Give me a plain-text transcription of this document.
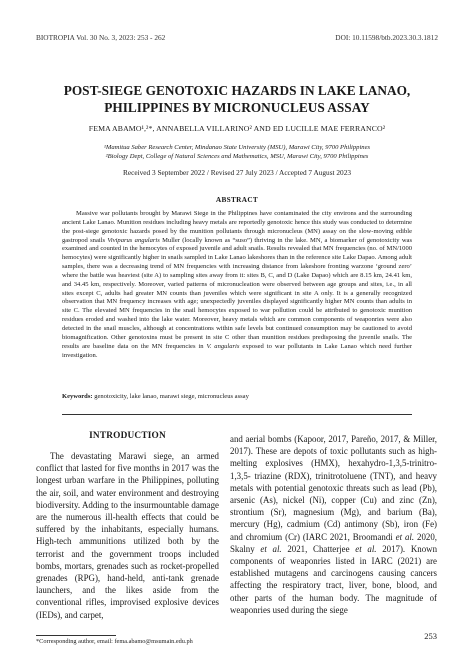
BIOTROPIA Vol. 30 No. 3, 2023: 253 - 262	DOI: 10.11598/btb.2023.30.3.1812
POST-SIEGE GENOTOXIC HAZARDS IN LAKE LANAO,
PHILIPPINES BY MICRONUCLEUS ASSAY
FEMA ABAMO¹,²*, ANNABELLA VILLARINO² AND ED LUCILLE MAE FERRANCO²
¹Mamitua Saber Research Center, Mindanao State University (MSU), Marawi City, 9700 Philippines
²Biology Dept, College of Natural Sciences and Mathematics, MSU, Marawi City, 9700 Philippines
Received 3 September 2022 / Revised 27 July 2023 / Accepted 7 August 2023
ABSTRACT

Massive war pollutants brought by Marawi Siege in the Philippines have contaminated the city environs and the surrounding ancient Lake Lanao. Munition residues including heavy metals are reportedly genotoxic hence this study was conducted to determine the post-siege genotoxic hazards posed by the munition pollutants through micronucleus (MN) assay on the slow-moving edible gastropod snails Viviparus angularis Muller (locally known as “suso”) thriving in the lake. MN, a biomarker of genotoxicity was examined and counted in the hemocytes of exposed juvenile and adult snails. Results revealed that MN frequencies (no. of MN/1000 hemocytes) were significantly higher in snails sampled in Lake Lanao lakeshores than in the reference site Lake Dapao. Among adult samples, there was a decreasing trend of MN frequencies with increasing distance from lakeshore fronting warzone ‘ground zero’ where the battle was heaviest (site A) to sampling sites away from it: sites B, C, and D (Lake Dapao) which are 8.15 km, 24.41 km, and 34.45 km, respectively. Moreover, varied patterns of micronucleation were observed between age groups and sites, i.e., in all sites except C, adults had greater MN counts than juveniles which were significant in site A only. It is a generally recognized observation that MN frequency increases with age; unexpectedly juveniles displayed significantly higher MN counts than adults in site C. The elevated MN frequencies in the snail hemocytes exposed to war pollution could be attributed to genotoxic munition residues eroded and washed into the lake water. Moreover, heavy metals which are common components of weaponries were also detected in the snail muscles, although at concentrations within safe levels but continued consumption may be cautioned to avoid biomagnification. Other genotoxins must be present in site C other than munition residues predisposing the juvenile snails. The results are baseline data on the MN frequencies in V. angularis exposed to war pollutants in Lake Lanao which need further investigation.

Keywords: genotoxicity, lake lanao, marawi siege, micronucleus assay
INTRODUCTION

The devastating Marawi siege, an armed conflict that lasted for five months in 2017 was the longest urban warfare in the Philippines, polluting the air, soil, and water environment and destroying biodiversity. Adding to the insurmountable damage are the numerous ill-health effects that could be suffered by the inhabitants, especially humans. High-tech ammunitions utilized both by the terrorist and the government troops included bombs, mortars, grenades such as rocket-propelled grenades (RPG), hand-held, anti-tank grenade launchers, and the likes aside from the conventional rifles, improvised explosive devices (IEDs), and carpet,

and aerial bombs (Kapoor, 2017, Pareño, 2017, & Miller, 2017). These are depots of toxic pollutants such as high-melting explosives (HMX), hexahydro-1,3,5-trinitro-1,3,5- triazine (RDX), trinitrotoluene (TNT), and heavy metals with potential genotoxic threats such as lead (Pb), arsenic (As), nickel (Ni), copper (Cu) and zinc (Zn), strontium (Sr), magnesium (Mg), and barium (Ba), mercury (Hg), cadmium (Cd) antimony (Sb), iron (Fe) and chromium (Cr) (IARC 2021, Broomandi et al. 2020, Skalny et al. 2021, Chatterjee et al. 2017). Known components of weaponries listed in IARC (2021) are established mutagens and carcinogens causing cancers affecting the respiratory tract, liver, bone, blood, and other parts of the human body. The magnitude of weaponries used during the siege

*Corresponding author, email: fema.abamo@msumain.edu.ph
253
